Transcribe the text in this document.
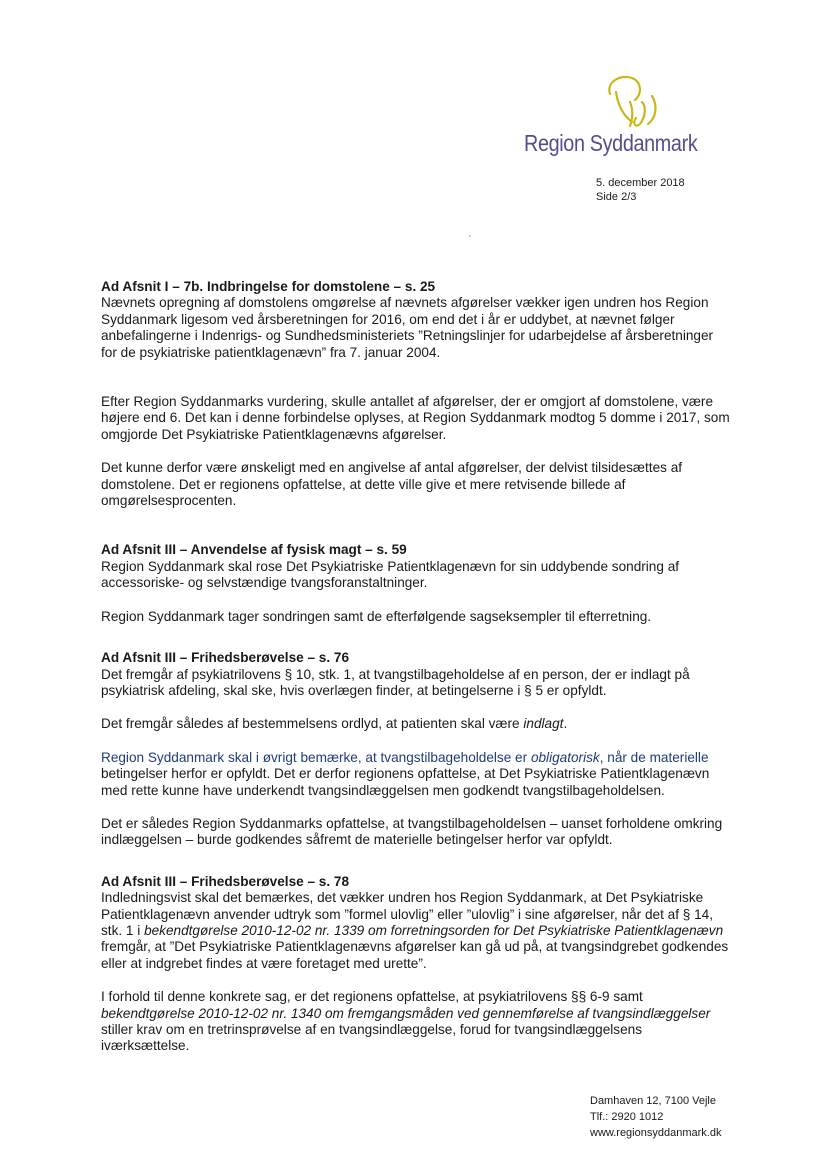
Region Syddanmark
5. december 2018
Side 2/3

Ad Afsnit I – 7b. Indbringelse for domstolene – s. 25

Nævnets opregning af domstolens omgørelse af nævnets afgørelser vækker igen undren hos Region Syddanmark ligesom ved årsberetningen for 2016, om end det i år er uddybet, at nævnet følger anbefalingerne i Indenrigs- og Sundhedsministeriets ”Retningslinjer for udarbejdelse af årsberetninger for de psykiatriske patientklagenævn” fra 7. januar 2004.

Efter Region Syddanmarks vurdering, skulle antallet af afgørelser, der er omgjort af domstolene, være højere end 6. Det kan i denne forbindelse oplyses, at Region Syddanmark modtog 5 domme i 2017, som omgjorde Det Psykiatriske Patientklagenævns afgørelser.

Det kunne derfor være ønskeligt med en angivelse af antal afgørelser, der delvist tilsidesættes af domstolene. Det er regionens opfattelse, at dette ville give et mere retvisende billede af omgørelsesprocenten.

Ad Afsnit III – Anvendelse af fysisk magt – s. 59

Region Syddanmark skal rose Det Psykiatriske Patientklagenævn for sin uddybende sondring af accessoriske- og selvstændige tvangsforanstaltninger.

Region Syddanmark tager sondringen samt de efterfølgende sagseksempler til efterretning.

Ad Afsnit III – Frihedsberøvelse – s. 76

Det fremgår af psykiatrilovens § 10, stk. 1, at tvangstilbageholdelse af en person, der er indlagt på psykiatrisk afdeling, skal ske, hvis overlægen finder, at betingelserne i § 5 er opfyldt.

Det fremgår således af bestemmelsens ordlyd, at patienten skal være indlagt.

Region Syddanmark skal i øvrigt bemærke, at tvangstilbageholdelse er obligatorisk, når de materielle betingelser herfor er opfyldt. Det er derfor regionens opfattelse, at Det Psykiatriske Patientklagenævn med rette kunne have underkendt tvangsindlæggelsen men godkendt tvangstilbageholdelsen.

Det er således Region Syddanmarks opfattelse, at tvangstilbageholdelsen – uanset forholdene omkring indlæggelsen – burde godkendes såfremt de materielle betingelser herfor var opfyldt.

Ad Afsnit III – Frihedsberøvelse – s. 78

Indledningsvist skal det bemærkes, det vækker undren hos Region Syddanmark, at Det Psykiatriske Patientklagenævn anvender udtryk som ”formel ulovlig” eller ”ulovlig” i sine afgørelser, når det af § 14, stk. 1 i bekendtgørelse 2010-12-02 nr. 1339 om forretningsorden for Det Psykiatriske Patientklagenævn fremgår, at ”Det Psykiatriske Patientklagenævns afgørelser kan gå ud på, at tvangsindgrebet godkendes eller at indgrebet findes at være foretaget med urette”.

I forhold til denne konkrete sag, er det regionens opfattelse, at psykiatrilovens §§ 6-9 samt bekendtgørelse 2010-12-02 nr. 1340 om fremgangsmåden ved gennemførelse af tvangsindlæggelser stiller krav om en tretrinsprøvelse af en tvangsindlæggelse, forud for tvangsindlæggelsens iværksættelse.

Damhaven 12, 7100 Vejle
Tlf.: 2920 1012
www.regionsyddanmark.dk
